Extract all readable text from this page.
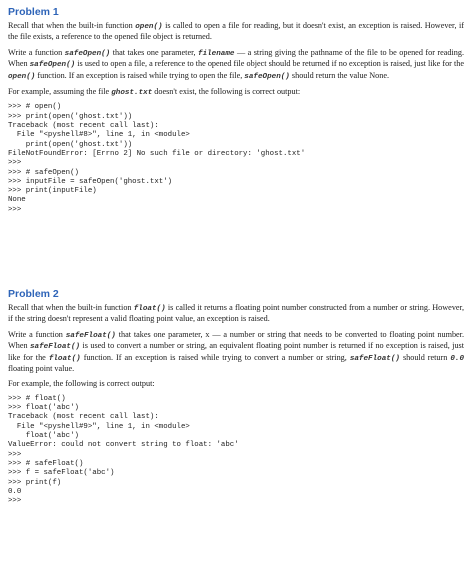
Problem 1

Recall that when the built-in function open() is called to open a file for reading, but it doesn't exist, an exception is raised. However, if the file exists, a reference to the opened file object is returned.

Write a function safeOpen() that takes one parameter, filename — a string giving the pathname of the file to be opened for reading. When safeOpen() is used to open a file, a reference to the opened file object should be returned if no exception is raised, just like for the open() function. If an exception is raised while trying to open the file, safeOpen() should return the value None.

For example, assuming the file ghost.txt doesn't exist, the following is correct output:

>>> # open()
>>> print(open('ghost.txt'))
Traceback (most recent call last):
File "<pyshell#8>", line 1, in <module>
print(open('ghost.txt'))
FileNotFoundError: [Errno 2] No such file or directory: 'ghost.txt'
>>>
>>> # safeOpen()
>>> inputFile = safeOpen('ghost.txt')
>>> print(inputFile)
None
>>>
Problem 2

Recall that when the built-in function float() is called it returns a floating point number constructed from a number or string. However, if the string doesn't represent a valid floating point value, an exception is raised.

Write a function safeFloat() that takes one parameter, x — a number or string that needs to be converted to floating point number. When safeFloat() is used to convert a number or string, an equivalent floating point number is returned if no exception is raised, just like for the float() function. If an exception is raised while trying to convert a number or string, safeFloat() should return 0.0 floating point value.

For example, the following is correct output:

>>> # float()
>>> float('abc')
Traceback (most recent call last):
File "<pyshell#9>", line 1, in <module>
float('abc')
ValueError: could not convert string to float: 'abc'
>>>
>>> # safeFloat()
>>> f = safeFloat('abc')
>>> print(f)
0.0
>>>
